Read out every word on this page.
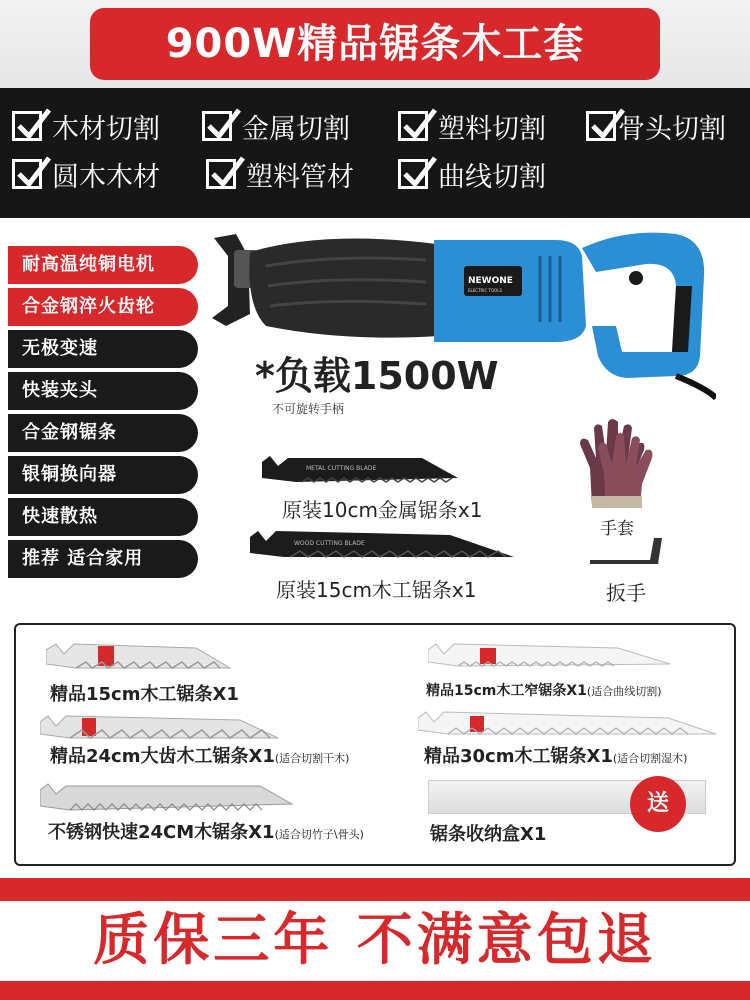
900W精品锯条木工套
木材切割	金属切割	塑料切割	骨头切割
圆木木材	塑料管材	曲线切割
耐高温纯铜电机
合金钢淬火齿轮
无极变速
快装夹头
合金钢锯条
银铜换向器
快速散热
推荐 适合家用
NEWONE
ELECTRIC TOOLS
*负载1500W
不可旋转手柄
METAL CUTTING BLADE
原装10cm金属锯条x1
WOOD CUTTING BLADE
原装15cm木工锯条x1
手套
扳手
精品15cm木工锯条X1	精品15cm木工窄锯条X1(适合曲线切割)
精品24cm大齿木工锯条X1(适合切割干木)	精品30cm木工锯条X1(适合切割湿木)
不锈钢快速24CM木锯条X1(适合切竹子\骨头)
送
锯条收纳盒X1
质保三年 不满意包退
